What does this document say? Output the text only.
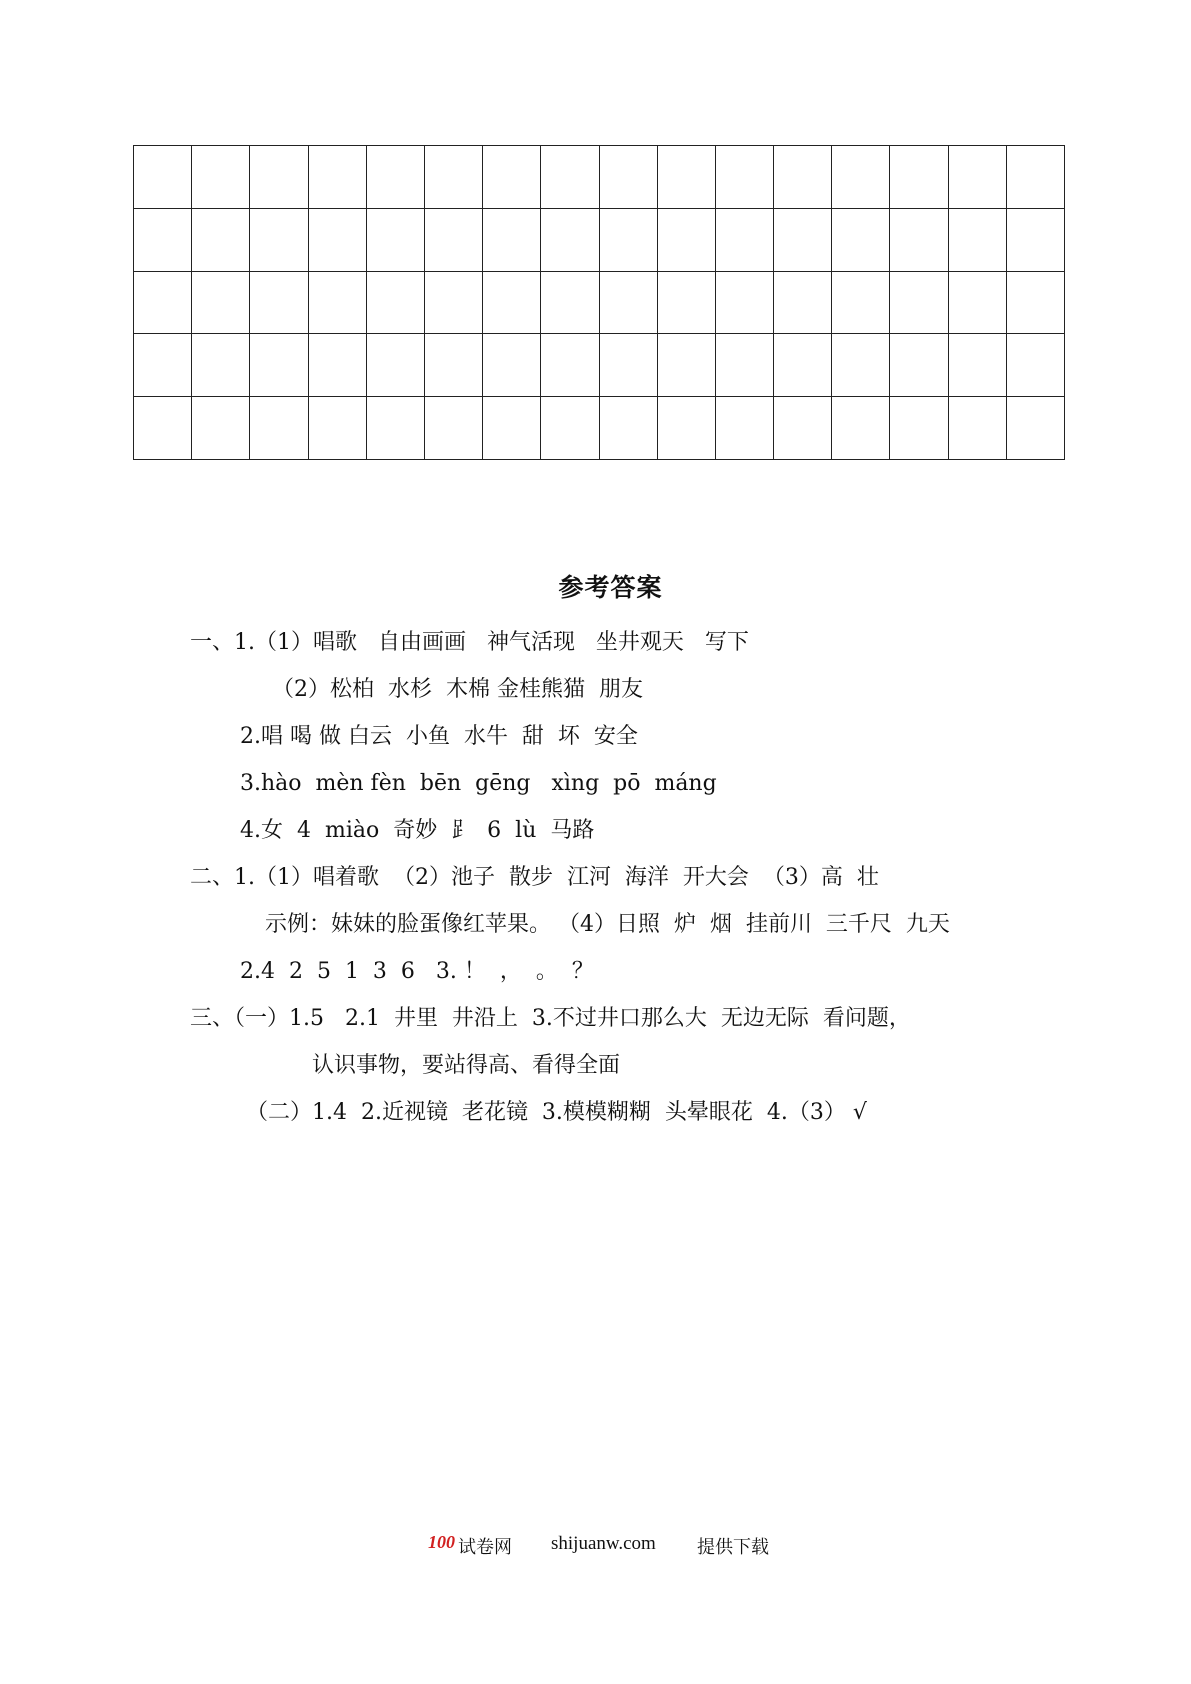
参考答案
一、1.（1）唱歌   自由画画   神气活现   坐井观天   写下
（2）松柏  水杉  木棉 金桂熊猫  朋友
2.唱 喝 做 白云  小鱼  水牛  甜  坏  安全
3.hào  mèn fèn  bēn  gēng   xìng  pō  máng
4.女  4  miào  奇妙  ⻊  6  lù  马路
二、1.（1）唱着歌  （2）池子  散步  江河  海洋  开大会  （3）高  壮
示例：妹妹的脸蛋像红苹果。 （4）日照  炉  烟  挂前川  三千尺  九天
2.4  2  5  1  3  6   3. ！  ，  。  ？
三、（一）1.5   2.1  井里  井沿上  3.不过井口那么大  无边无际  看问题，
认识事物，要站得高、看得全面
（二）1.4  2.近视镜  老花镜  3.模模糊糊  头晕眼花  4.（3） √
100 试卷网 shijuanw.com 提供下载
